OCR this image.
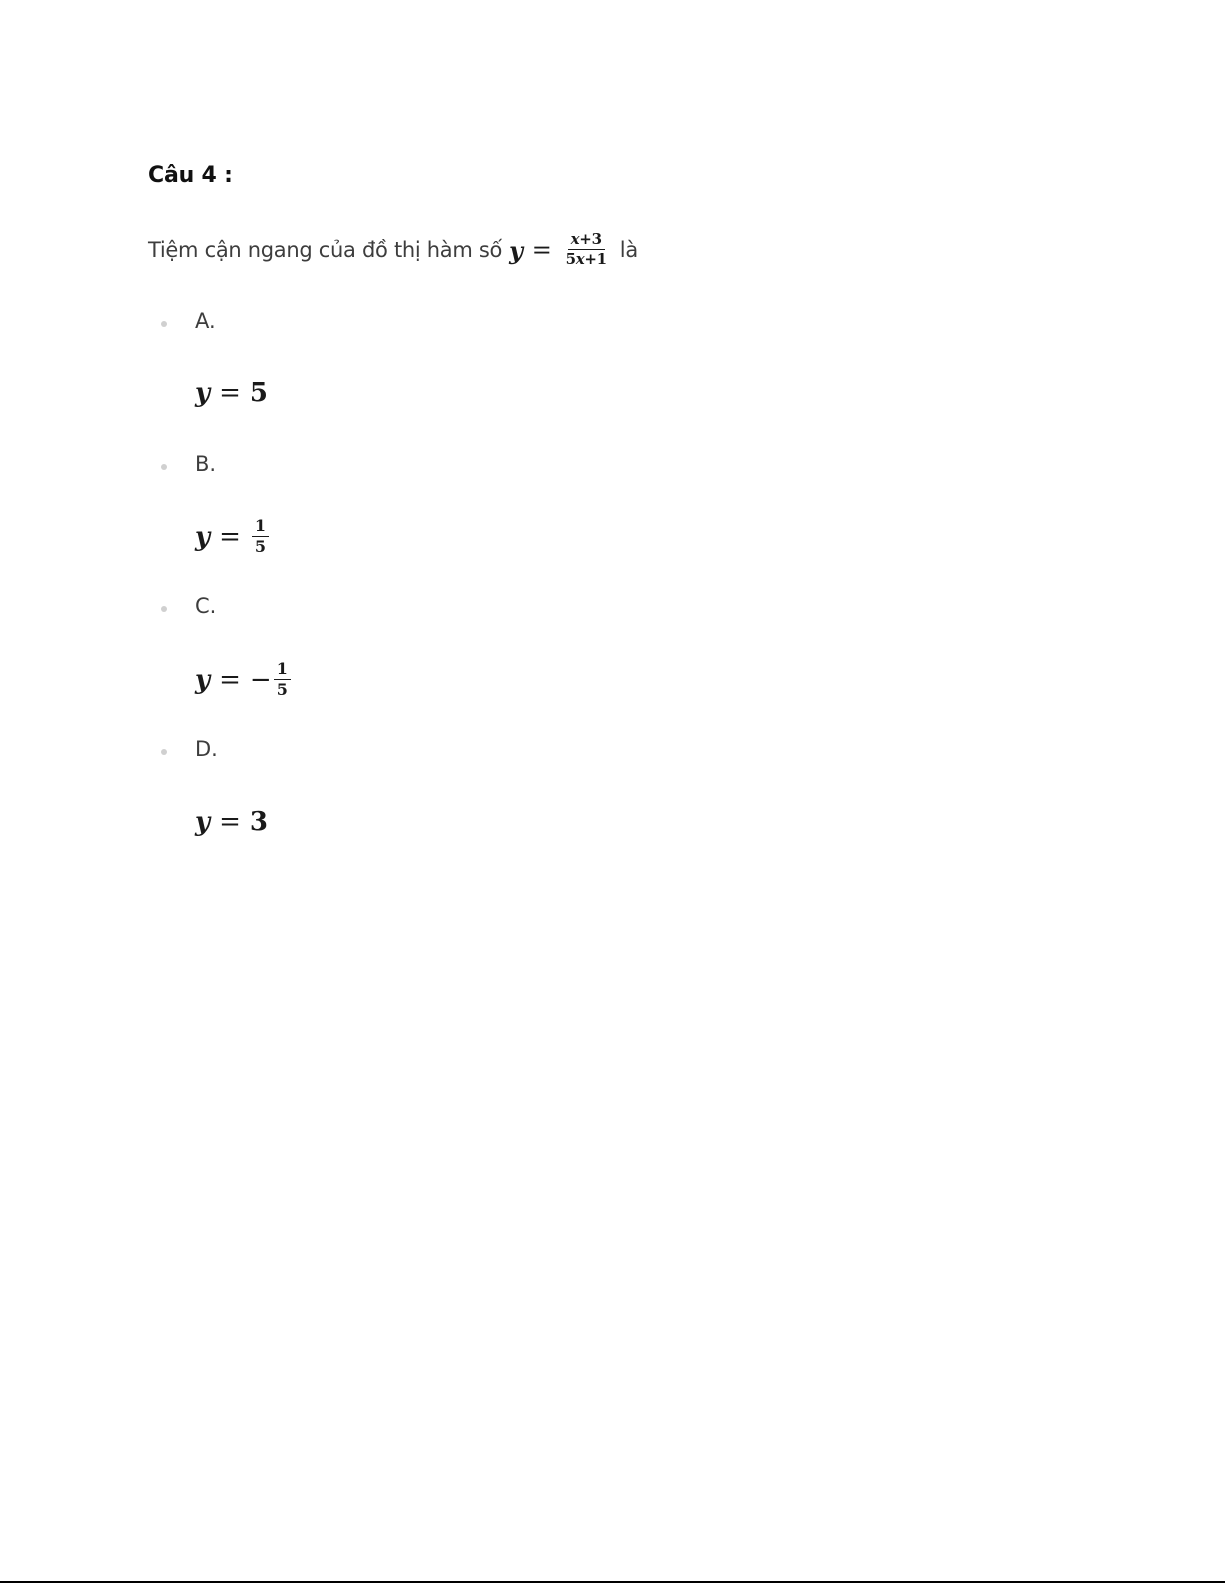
Câu 4 :
Tiệm cận ngang của đồ thị hàm số $y = \frac{x+3}{5x+1}$ là
A.
y = 5
B.
$y = \frac{1}{5}$
C.
y = − $\frac{1}{5}$
D.
y = 3
